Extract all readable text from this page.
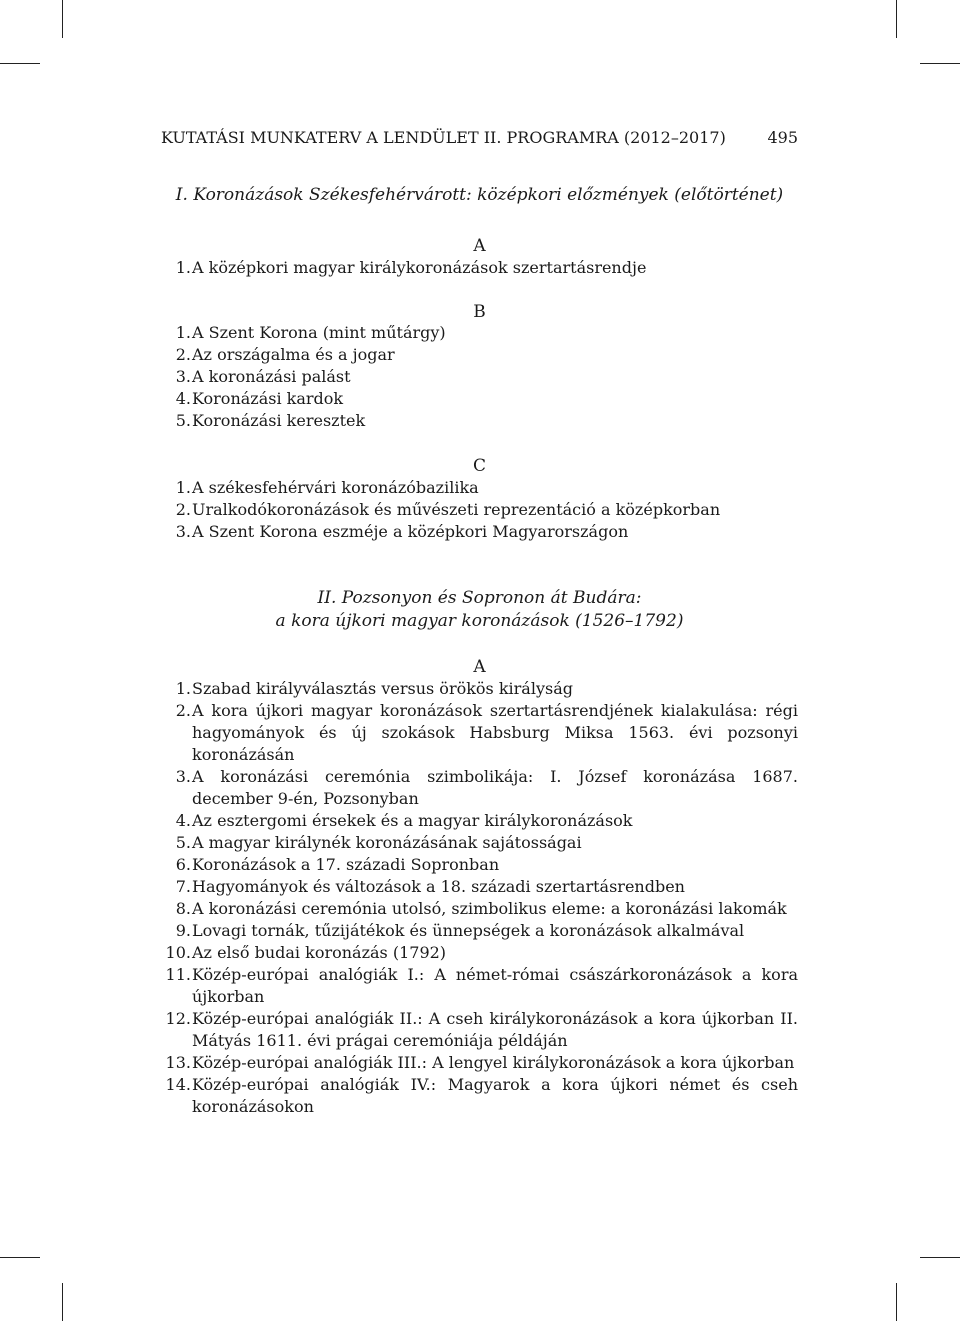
KUTATÁSI MUNKATERV A LENDÜLET II. PROGRAMRA (2012–2017)	495
I. Koronázások Székesfehérvárott: középkori előzmények (előtörténet)
A
1. A középkori magyar királykoronázások szertartásrendje
B
1. A Szent Korona (mint műtárgy)
2. Az országalma és a jogar
3. A koronázási palást
4. Koronázási kardok
5. Koronázási keresztek
C
1. A székesfehérvári koronázóbazilika
2. Uralkodókoronázások és művészeti reprezentáció a középkorban
3. A Szent Korona eszméje a középkori Magyarországon
II. Pozsonyon és Sopronon át Budára:
a kora újkori magyar koronázások (1526–1792)
A
1. Szabad királyválasztás versus örökös királyság
2. A kora újkori magyar koronázások szertartásrendjének kialakulása: régi hagyományok és új szokások Habsburg Miksa 1563. évi pozsonyi koronázásán
3. A koronázási ceremónia szimbolikája: I. József koronázása 1687. december 9-én, Pozsonyban
4. Az esztergomi érsekek és a magyar királykoronázások
5. A magyar királynék koronázásának sajátosságai
6. Koronázások a 17. századi Sopronban
7. Hagyományok és változások a 18. századi szertartásrendben
8. A koronázási ceremónia utolsó, szimbolikus eleme: a koronázási lakomák
9. Lovagi tornák, tűzijátékok és ünnepségek a koronázások alkalmával
10. Az első budai koronázás (1792)
11. Közép-európai analógiák I.: A német-római császárkoronázások a kora újkorban
12. Közép-európai analógiák II.: A cseh királykoronázások a kora újkorban II. Mátyás 1611. évi prágai ceremóniája példáján
13. Közép-európai analógiák III.: A lengyel királykoronázások a kora újkorban
14. Közép-európai analógiák IV.: Magyarok a kora újkori német és cseh koronázásokon
